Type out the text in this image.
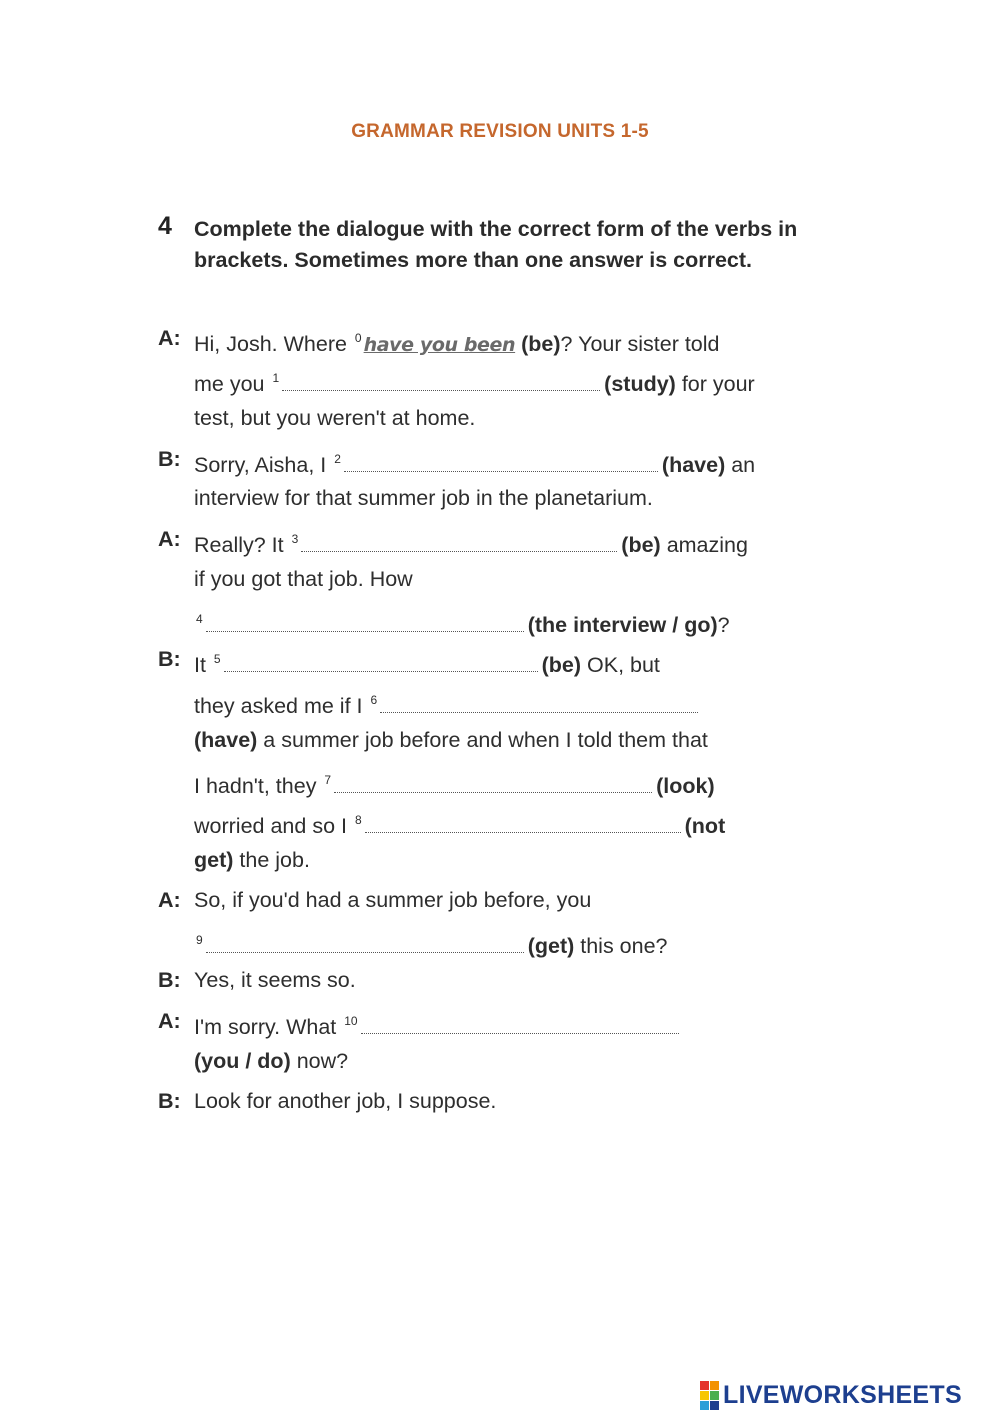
GRAMMAR REVISION UNITS 1-5
4 Complete the dialogue with the correct form of the verbs in brackets. Sometimes more than one answer is correct.
A: Hi, Josh. Where $^0$ have you been (be)? Your sister told
me you $^1$	(study) for your
test, but you weren't at home.
B: Sorry, Aisha, I $^2$	(have) an
interview for that summer job in the planetarium.
A: Really? It $^3$	(be) amazing
if you got that job. How
$^4$	(the interview / go)?
B: It $^5$	(be) OK, but
they asked me if I $^6$
(have) a summer job before and when I told them that
I hadn't, they $^7$	(look)
worried and so I $^8$	(not
get) the job.
A: So, if you'd had a summer job before, you
$^9$	(get) this one?
B: Yes, it seems so.
A: I'm sorry. What $^{10}$
(you / do) now?
B: Look for another job, I suppose.
LIVEWORKSHEETS
